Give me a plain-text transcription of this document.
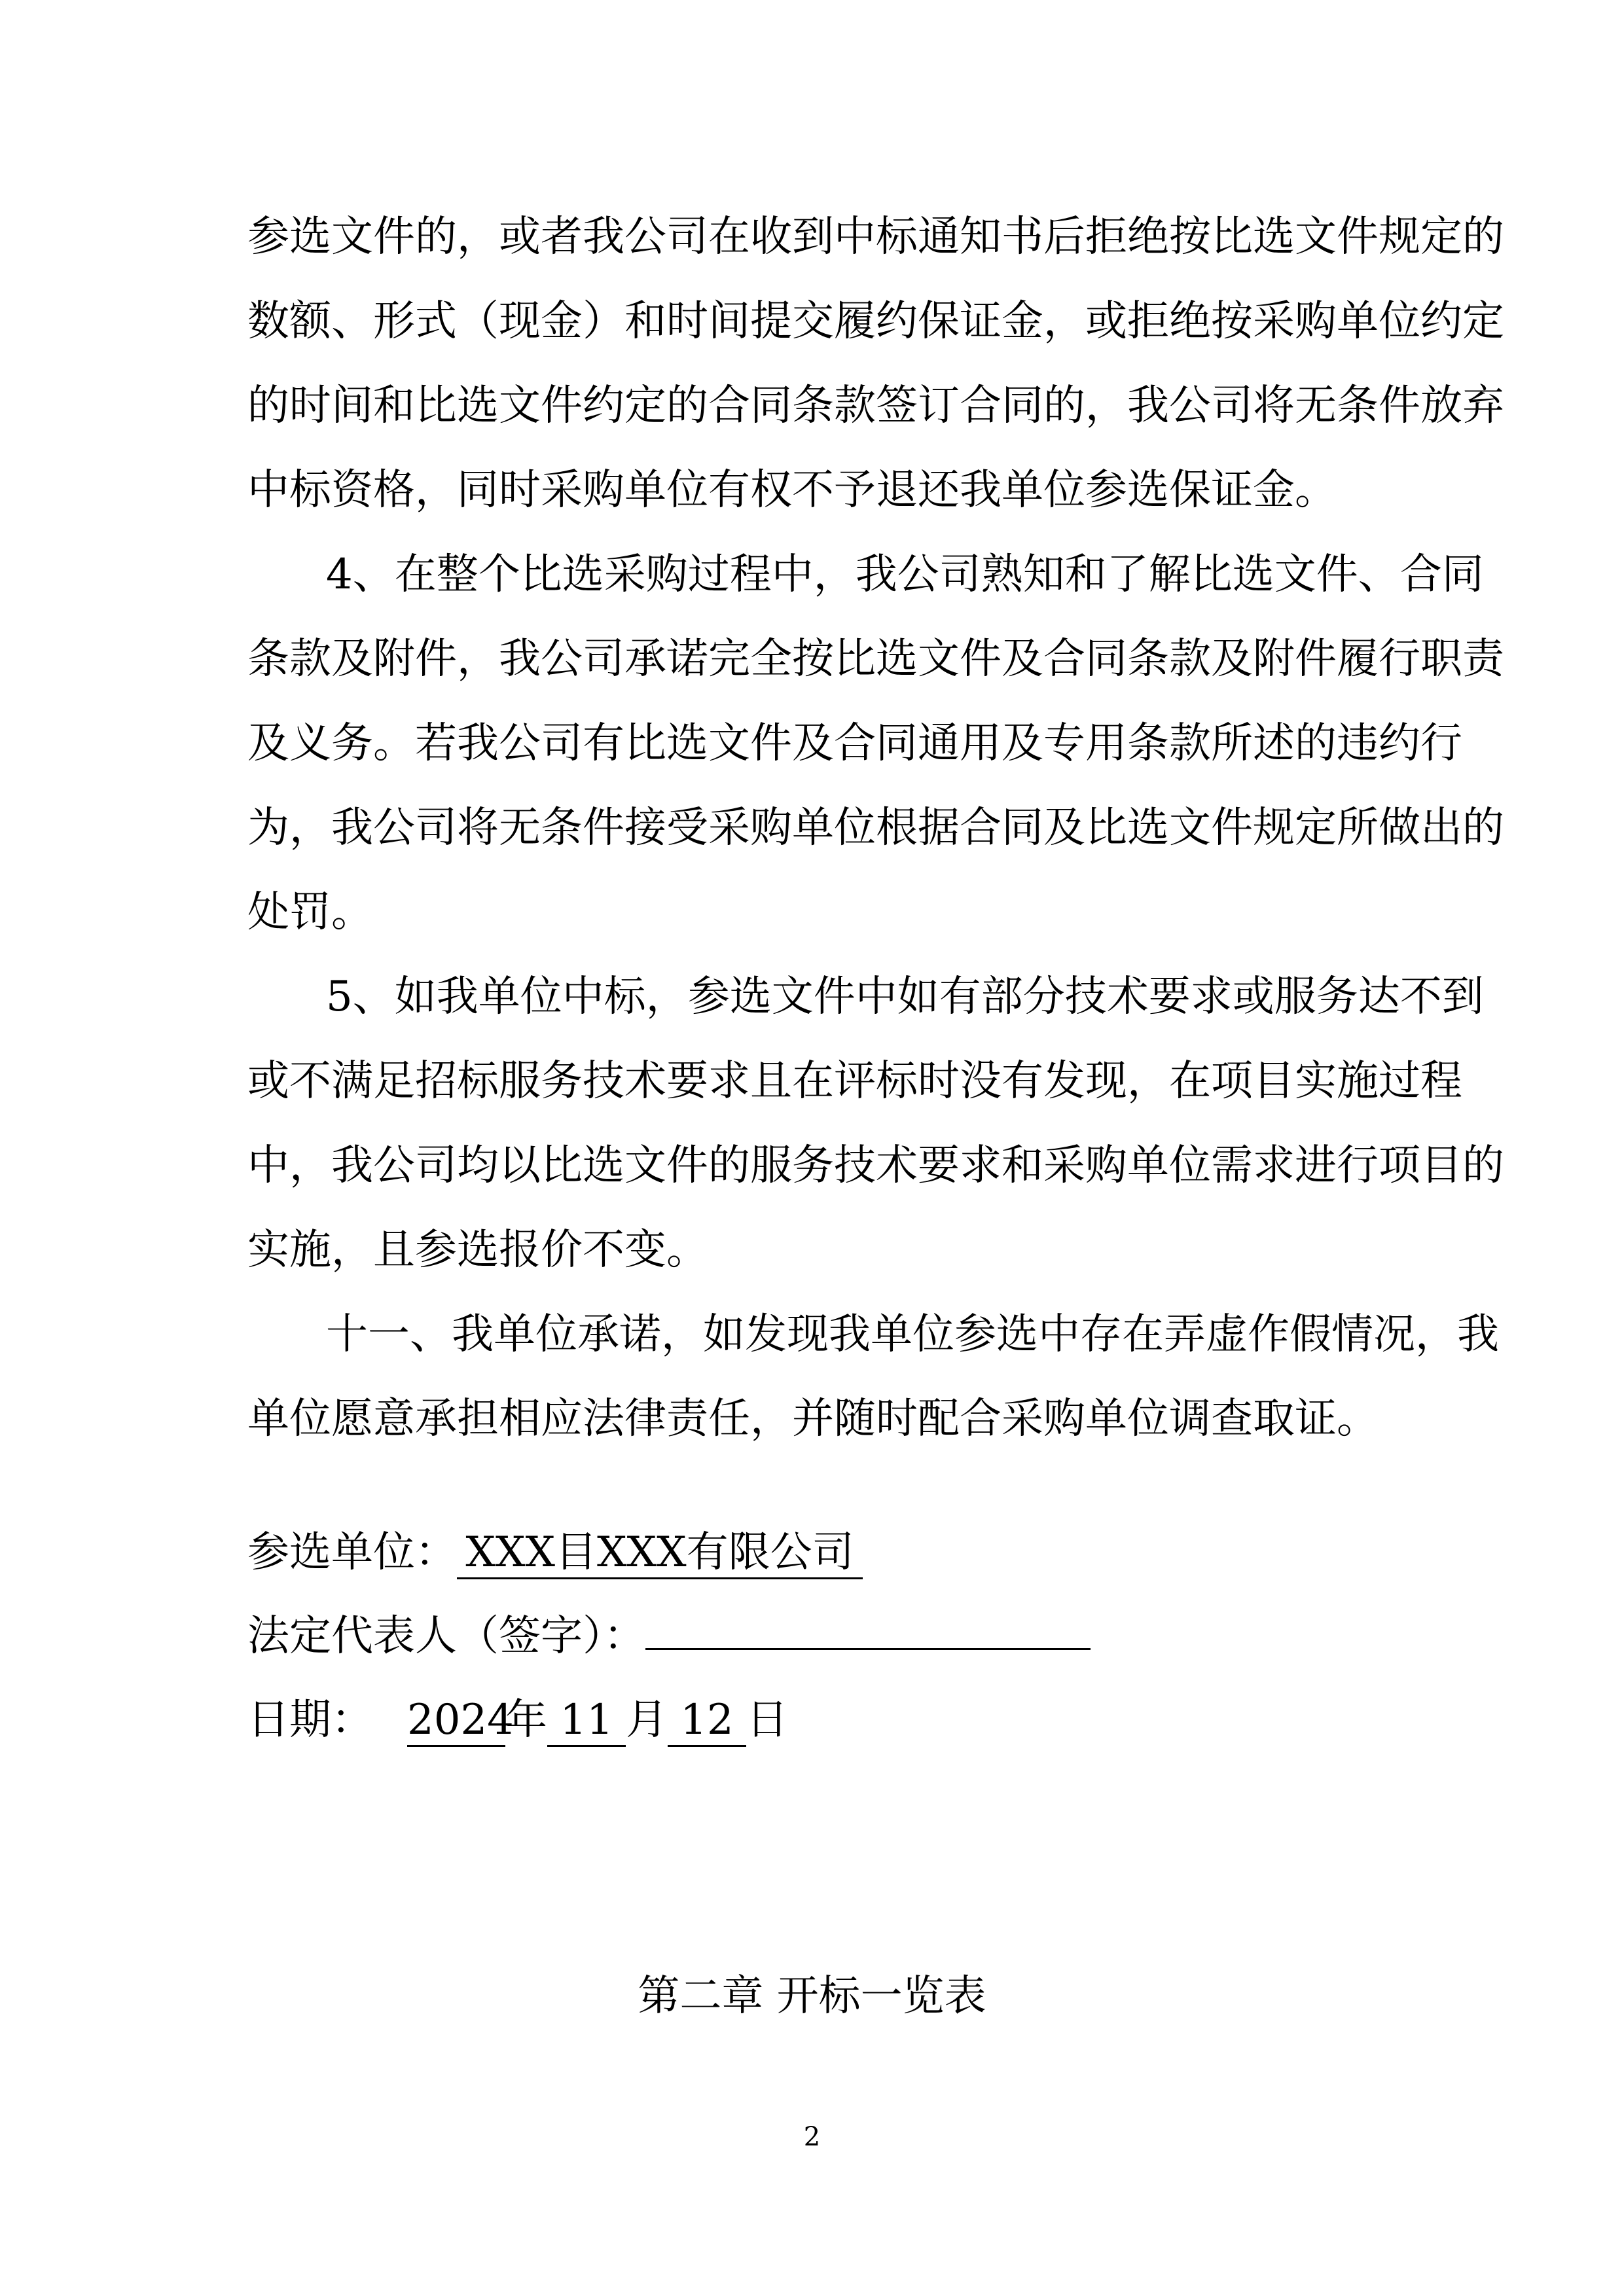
参选文件的，或者我公司在收到中标通知书后拒绝按比选文件规定的
数额、形式（现金）和时间提交履约保证金，或拒绝按采购单位约定
的时间和比选文件约定的合同条款签订合同的，我公司将无条件放弃
中标资格，同时采购单位有权不予退还我单位参选保证金。
4、在整个比选采购过程中，我公司熟知和了解比选文件、合同
条款及附件，我公司承诺完全按比选文件及合同条款及附件履行职责
及义务。若我公司有比选文件及合同通用及专用条款所述的违约行
为，我公司将无条件接受采购单位根据合同及比选文件规定所做出的
处罚。
5、如我单位中标，参选文件中如有部分技术要求或服务达不到
或不满足招标服务技术要求且在评标时没有发现，在项目实施过程
中，我公司均以比选文件的服务技术要求和采购单位需求进行项目的
实施，且参选报价不变。
十一、我单位承诺，如发现我单位参选中存在弄虚作假情况，我
单位愿意承担相应法律责任，并随时配合采购单位调查取证。
参选单位： XXX目XXX有限公司
法定代表人（签字）：
日期： 2024年 11 月 12 日
第二章 开标一览表
2
